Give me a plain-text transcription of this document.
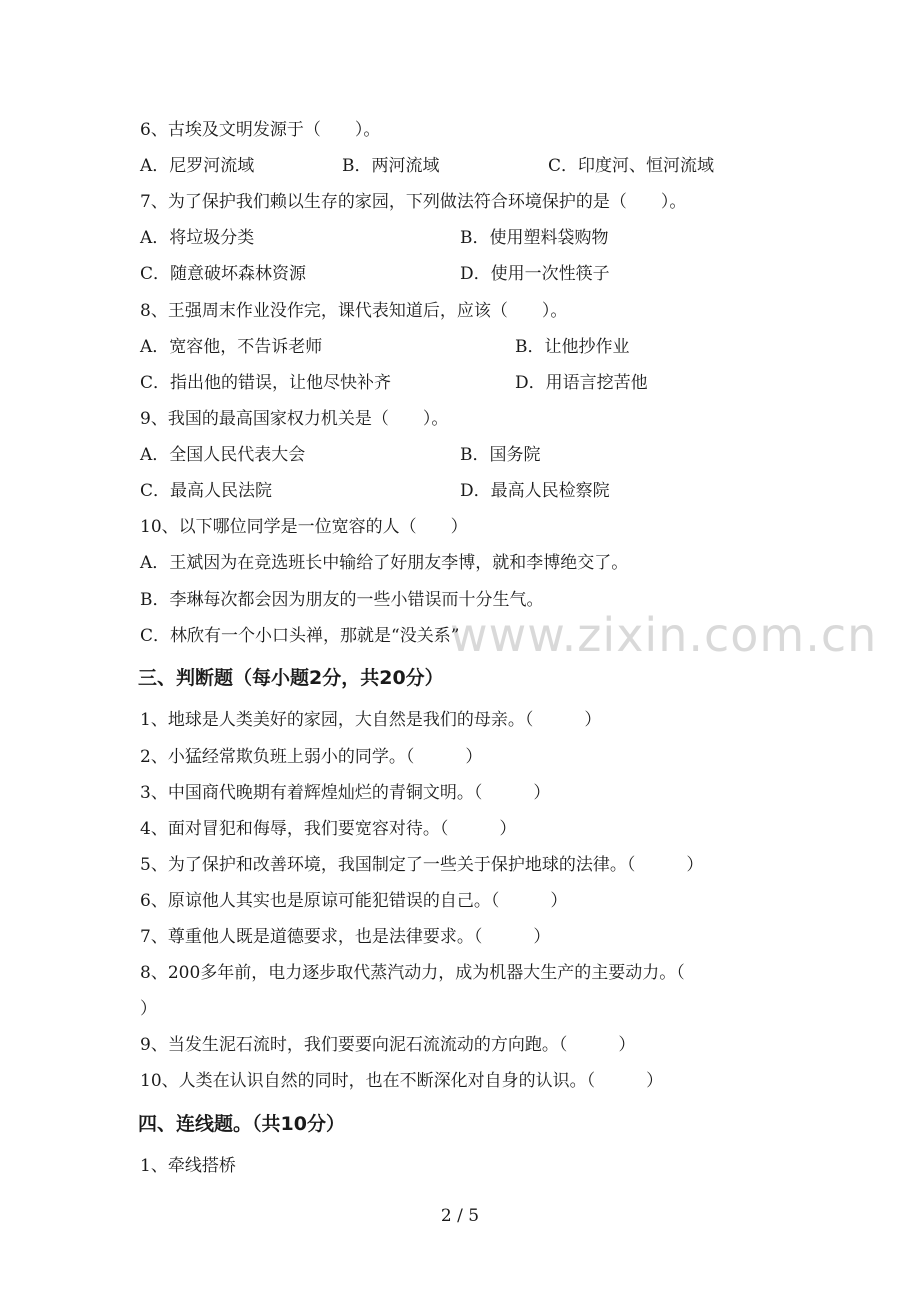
www.zixin.com.cn

6、古埃及文明发源于（　　）。

A．尼罗河流域	B．两河流域	C．印度河、恒河流域

7、为了保护我们赖以生存的家园，下列做法符合环境保护的是（　　）。

A．将垃圾分类	B．使用塑料袋购物
C．随意破坏森林资源	D．使用一次性筷子

8、王强周末作业没作完，课代表知道后，应该（　　）。

A．宽容他，不告诉老师	B．让他抄作业
C．指出他的错误，让他尽快补齐	D．用语言挖苦他

9、我国的最高国家权力机关是（　　）。

A．全国人民代表大会	B．国务院
C．最高人民法院	D．最高人民检察院

10、以下哪位同学是一位宽容的人（　　）

A．王斌因为在竞选班长中输给了好朋友李博，就和李博绝交了。

B．李琳每次都会因为朋友的一些小错误而十分生气。

C．林欣有一个小口头禅，那就是“没关系”

三、判断题（每小题2分，共20分）

1、地球是人类美好的家园，大自然是我们的母亲。（　　　）

2、小猛经常欺负班上弱小的同学。（　　　）

3、中国商代晚期有着辉煌灿烂的青铜文明。（　　　）

4、面对冒犯和侮辱，我们要宽容对待。（　　　）

5、为了保护和改善环境，我国制定了一些关于保护地球的法律。（　　　）

6、原谅他人其实也是原谅可能犯错误的自己。（　　　）

7、尊重他人既是道德要求，也是法律要求。（　　　）

8、200多年前，电力逐步取代蒸汽动力，成为机器大生产的主要动力。（

）

9、当发生泥石流时，我们要要向泥石流流动的方向跑。（　　　）

10、人类在认识自然的同时，也在不断深化对自身的认识。（　　　）

四、连线题。（共10分）

1、牵线搭桥

2 / 5
